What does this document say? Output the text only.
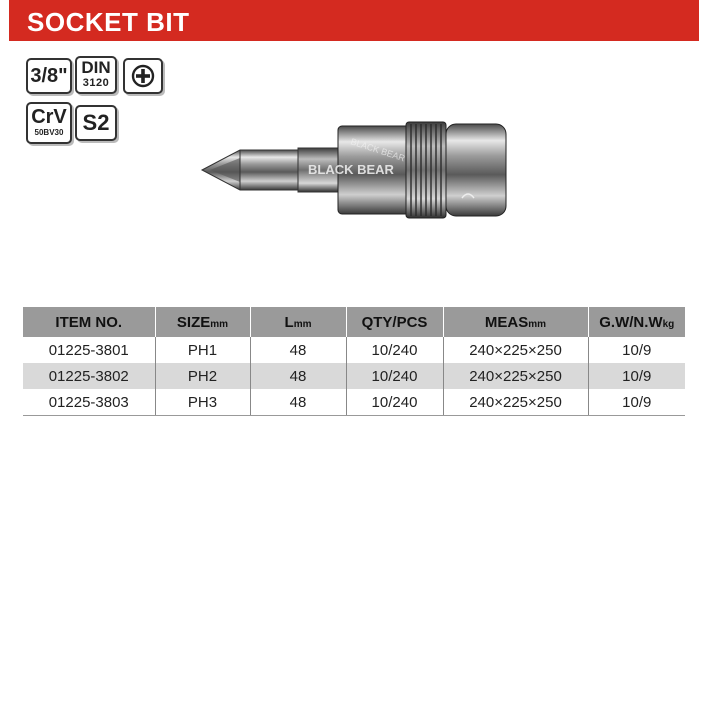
SOCKET BIT
3/8" DIN
3120
CrV
50BV30 S2
BLACK BEAR
BLACK BEAR
ITEM NO.	SIZEmm	Lmm	QTY/PCS	MEASmm	G.W/N.Wkg
01225-3801	PH1	48	10/240	240×225×250	10/9
01225-3802	PH2	48	10/240	240×225×250	10/9
01225-3803	PH3	48	10/240	240×225×250	10/9
